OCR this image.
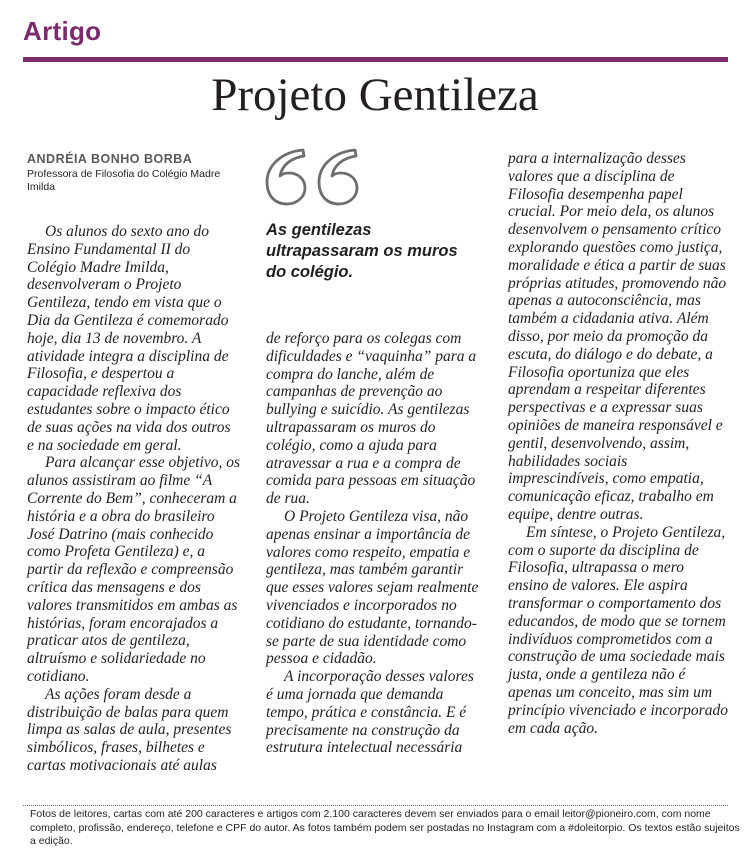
Artigo
Projeto Gentileza
ANDRÉIA BONHO BORBA
Professora de Filosofia do Colégio Madre Imilda

Os alunos do sexto ano do Ensino Fundamental II do Colégio Madre Imilda, desenvolveram o Projeto Gentileza, tendo em vista que o Dia da Gentileza é comemorado hoje, dia 13 de novembro. A atividade integra a disciplina de Filosofia, e despertou a capacidade reflexiva dos estudantes sobre o impacto ético de suas ações na vida dos outros e na sociedade em geral.

Para alcançar esse objetivo, os alunos assistiram ao filme “A Corrente do Bem”, conheceram a história e a obra do brasileiro José Datrino (mais conhecido como Profeta Gentileza) e, a partir da reflexão e compreensão crítica das mensagens e dos valores transmitidos em ambas as histórias, foram encorajados a praticar atos de gentileza, altruísmo e solidariedade no cotidiano.

As ações foram desde a distribuição de balas para quem limpa as salas de aula, presentes simbólicos, frases, bilhetes e cartas motivacionais até aulas

As gentilezas ultrapassaram os muros do colégio.

de reforço para os colegas com dificuldades e “vaquinha” para a compra do lanche, além de campanhas de prevenção ao bullying e suicídio. As gentilezas ultrapassaram os muros do colégio, como a ajuda para atravessar a rua e a compra de comida para pessoas em situação de rua.

O Projeto Gentileza visa, não apenas ensinar a importância de valores como respeito, empatia e gentileza, mas também garantir que esses valores sejam realmente vivenciados e incorporados no cotidiano do estudante, tornando-se parte de sua identidade como pessoa e cidadão.

A incorporação desses valores é uma jornada que demanda tempo, prática e constância. E é precisamente na construção da estrutura intelectual necessária

para a internalização desses valores que a disciplina de Filosofia desempenha papel crucial. Por meio dela, os alunos desenvolvem o pensamento crítico explorando questões como justiça, moralidade e ética a partir de suas próprias atitudes, promovendo não apenas a autoconsciência, mas também a cidadania ativa. Além disso, por meio da promoção da escuta, do diálogo e do debate, a Filosofia oportuniza que eles aprendam a respeitar diferentes perspectivas e a expressar suas opiniões de maneira responsável e gentil, desenvolvendo, assim, habilidades sociais imprescindíveis, como empatia, comunicação eficaz, trabalho em equipe, dentre outras.

Em síntese, o Projeto Gentileza, com o suporte da disciplina de Filosofia, ultrapassa o mero ensino de valores. Ele aspira transformar o comportamento dos educandos, de modo que se tornem indivíduos comprometidos com a construção de uma sociedade mais justa, onde a gentileza não é apenas um conceito, mas sim um princípio vivenciado e incorporado em cada ação.

Fotos de leitores, cartas com até 200 caracteres e artigos com 2.100 caracteres devem ser enviados para o email leitor@pioneiro.com, com nome completo, profissão, endereço, telefone e CPF do autor. As fotos também podem ser postadas no Instagram com a #doleitorpio. Os textos estão sujeitos a edição.
